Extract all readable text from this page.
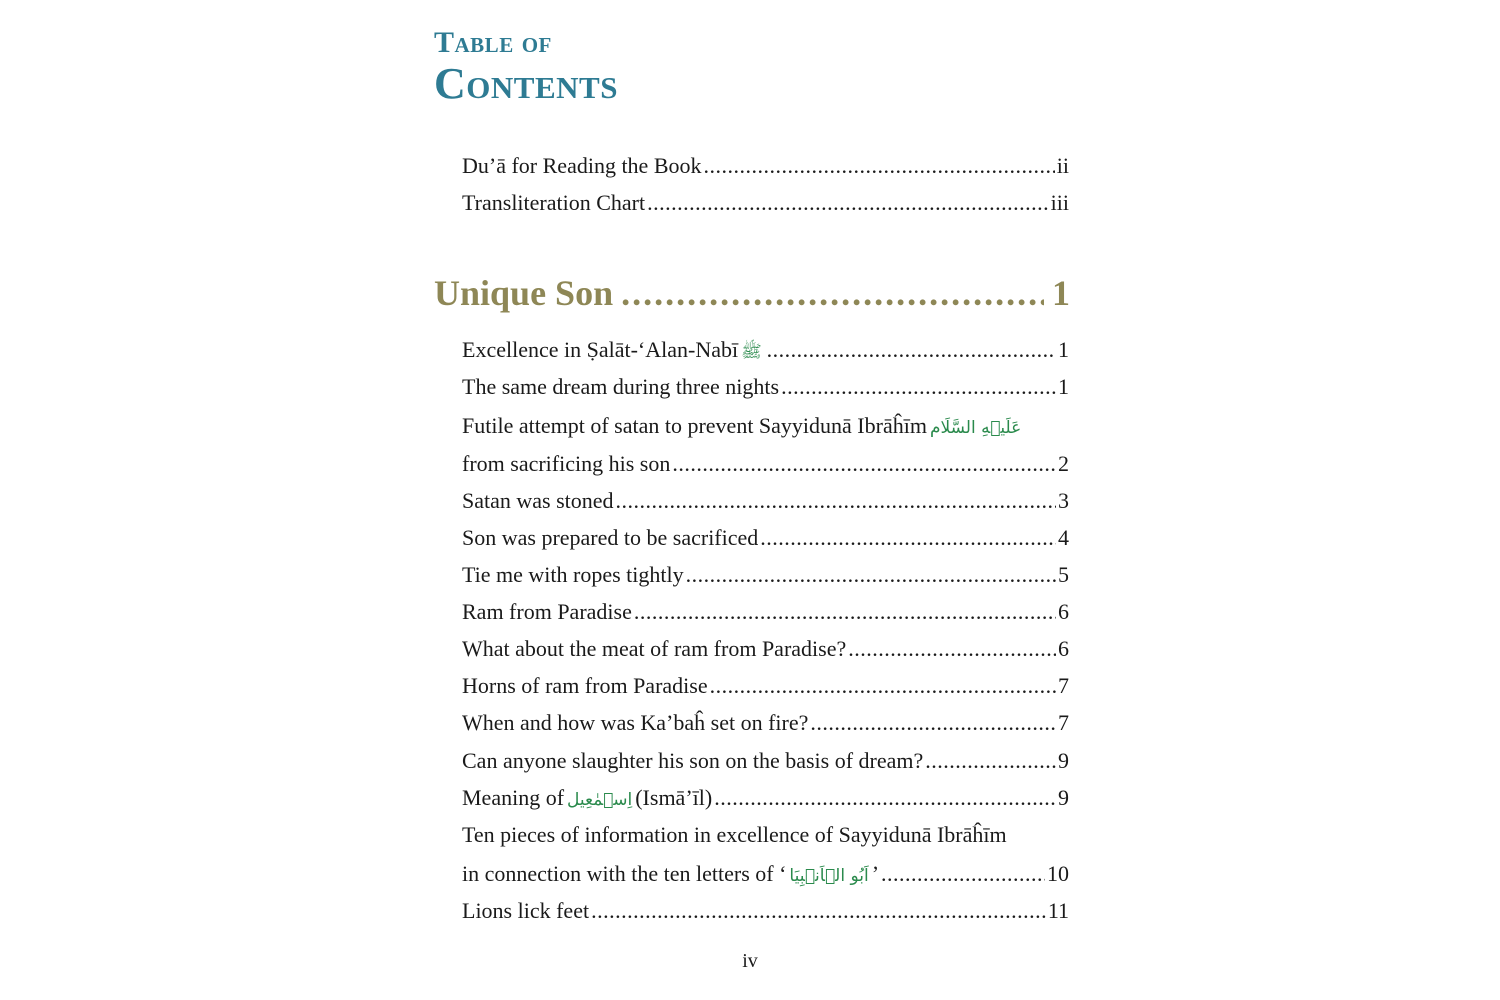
Table of
Contents
Du’ā for Reading the Book .....	ii
Transliteration Chart .....	iii
Unique Son .....	1
Excellence in Ṣalāt-‘Alan-Nabī ﷺ .....	1
The same dream during three nights .....	1
Futile attempt of satan to prevent Sayyidunā Ibrāĥīm عَلَيۡهِ السَّلَام
from sacrificing his son .....	2
Satan was stoned .....	3
Son was prepared to be sacrificed .....	4
Tie me with ropes tightly .....	5
Ram from Paradise .....	6
What about the meat of ram from Paradise? .....	6
Horns of ram from Paradise .....	7
When and how was Ka’baĥ set on fire? .....	7
Can anyone slaughter his son on the basis of dream? .....	9
Meaning of اِسۡمٰعِيل (Ismā’īl) .....	9
Ten pieces of information in excellence of Sayyidunā Ibrāĥīm
in connection with the ten letters of ‘ اَبُو الۡاَنۡبِيَا ’ .....	10
Lions lick feet .....	11
iv
